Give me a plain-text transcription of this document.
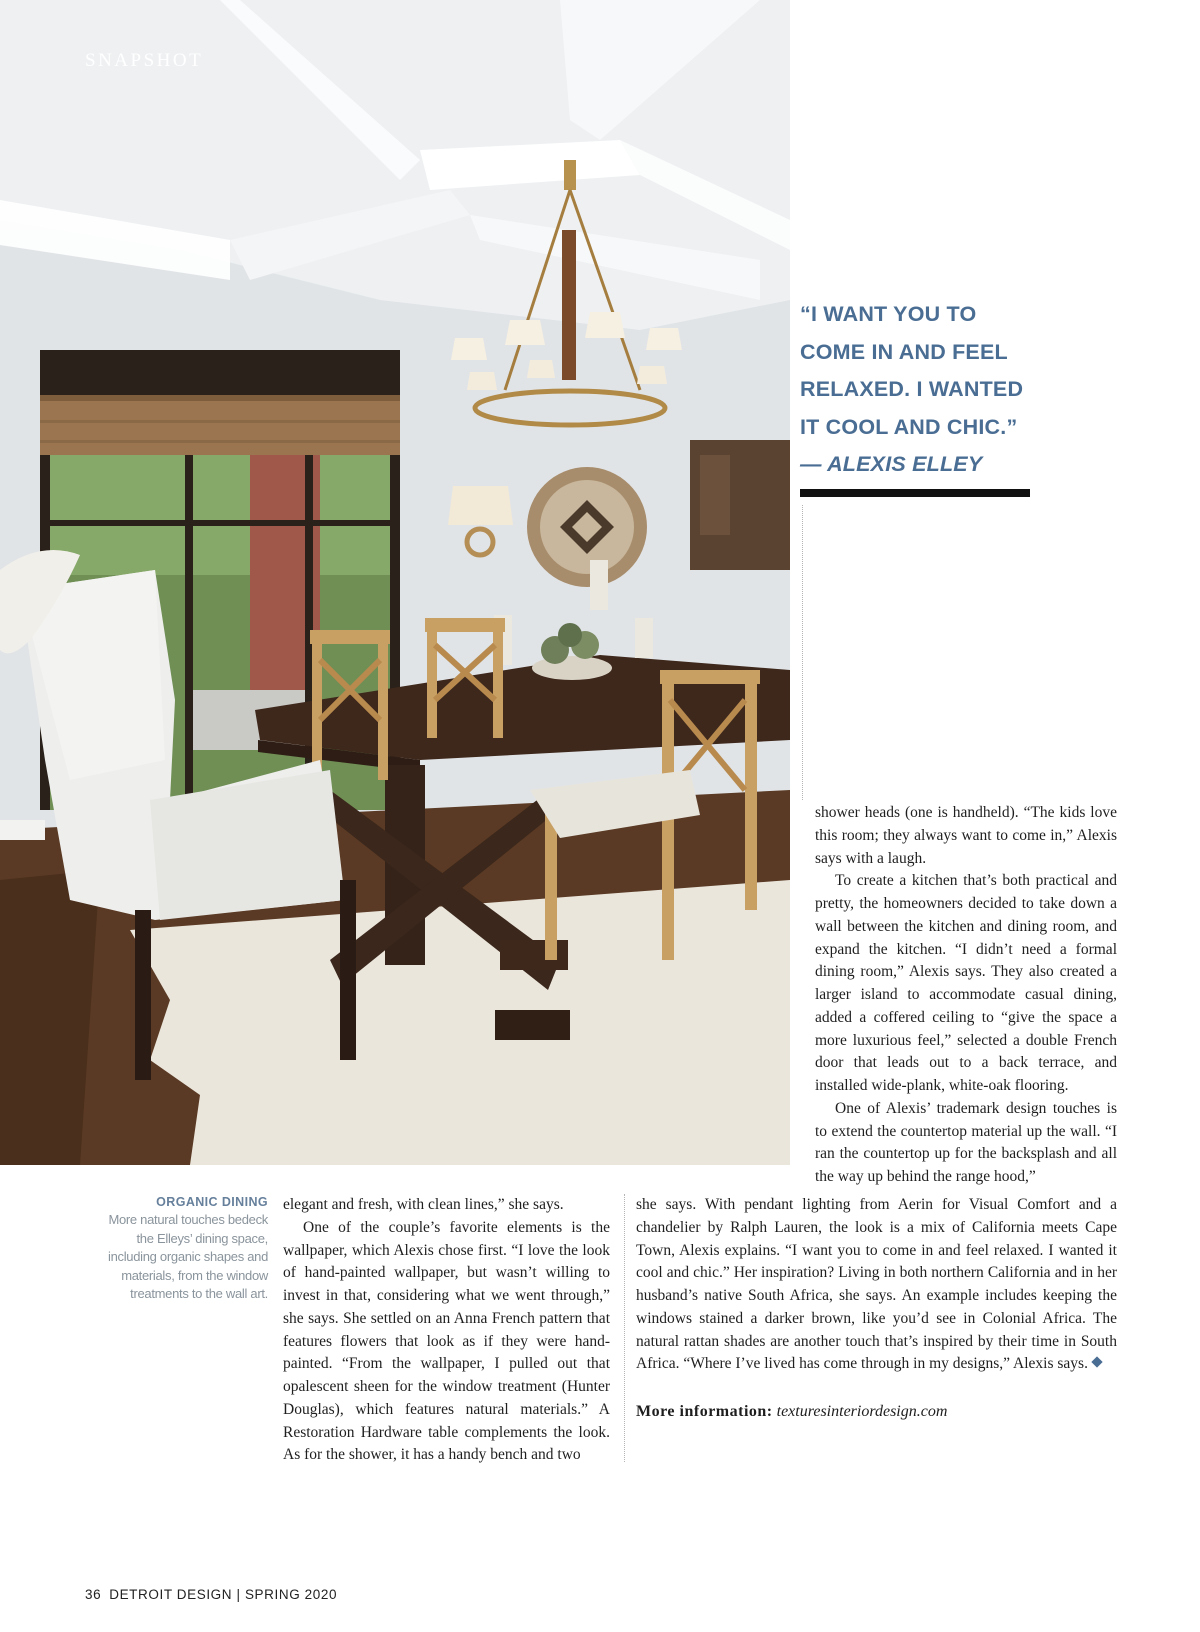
SNAPSHOT
“I WANT YOU TO
COME IN AND FEEL
RELAXED. I WANTED
IT COOL AND CHIC.”
— ALEXIS ELLEY
ORGANIC DINING
More natural touches bedeck the Elleys’ dining space, including organic shapes and materials, from the window treatments to the wall art.

elegant and fresh, with clean lines,” she says.

One of the couple’s favorite elements is the wallpaper, which Alexis chose first. “I love the look of hand-painted wallpaper, but wasn’t willing to invest in that, considering what we went through,” she says. She settled on an Anna French pattern that features flowers that look as if they were hand-painted. “From the wallpaper, I pulled out that opalescent sheen for the window treatment (Hunter Douglas), which features natural materials.” A Restoration Hardware table complements the look. As for the shower, it has a handy bench and two

shower heads (one is handheld). “The kids love this room; they always want to come in,” Alexis says with a laugh.

To create a kitchen that’s both practical and pretty, the homeowners decided to take down a wall between the kitchen and dining room, and expand the kitchen. “I didn’t need a formal dining room,” Alexis says. They also created a larger island to accommodate casual dining, added a coffered ceiling to “give the space a more luxurious feel,” selected a double French door that leads out to a back terrace, and installed wide-plank, white-oak flooring.

One of Alexis’ trademark design touches is to extend the countertop material up the wall. “I ran the countertop up for the backsplash and all the way up behind the range hood,”

she says. With pendant lighting from Aerin for Visual Comfort and a chandelier by Ralph Lauren, the look is a mix of California meets Cape Town, Alexis explains. “I want you to come in and feel relaxed. I wanted it cool and chic.” Her inspiration? Living in both northern California and in her husband’s native South Africa, she says. An example includes keeping the windows stained a darker brown, like you’d see in Colonial Africa. The natural rattan shades are another touch that’s inspired by their time in South Africa. “Where I’ve lived has come through in my designs,” Alexis says.

More information: texturesinteriordesign.com
36 DETROIT DESIGN | SPRING 2020
